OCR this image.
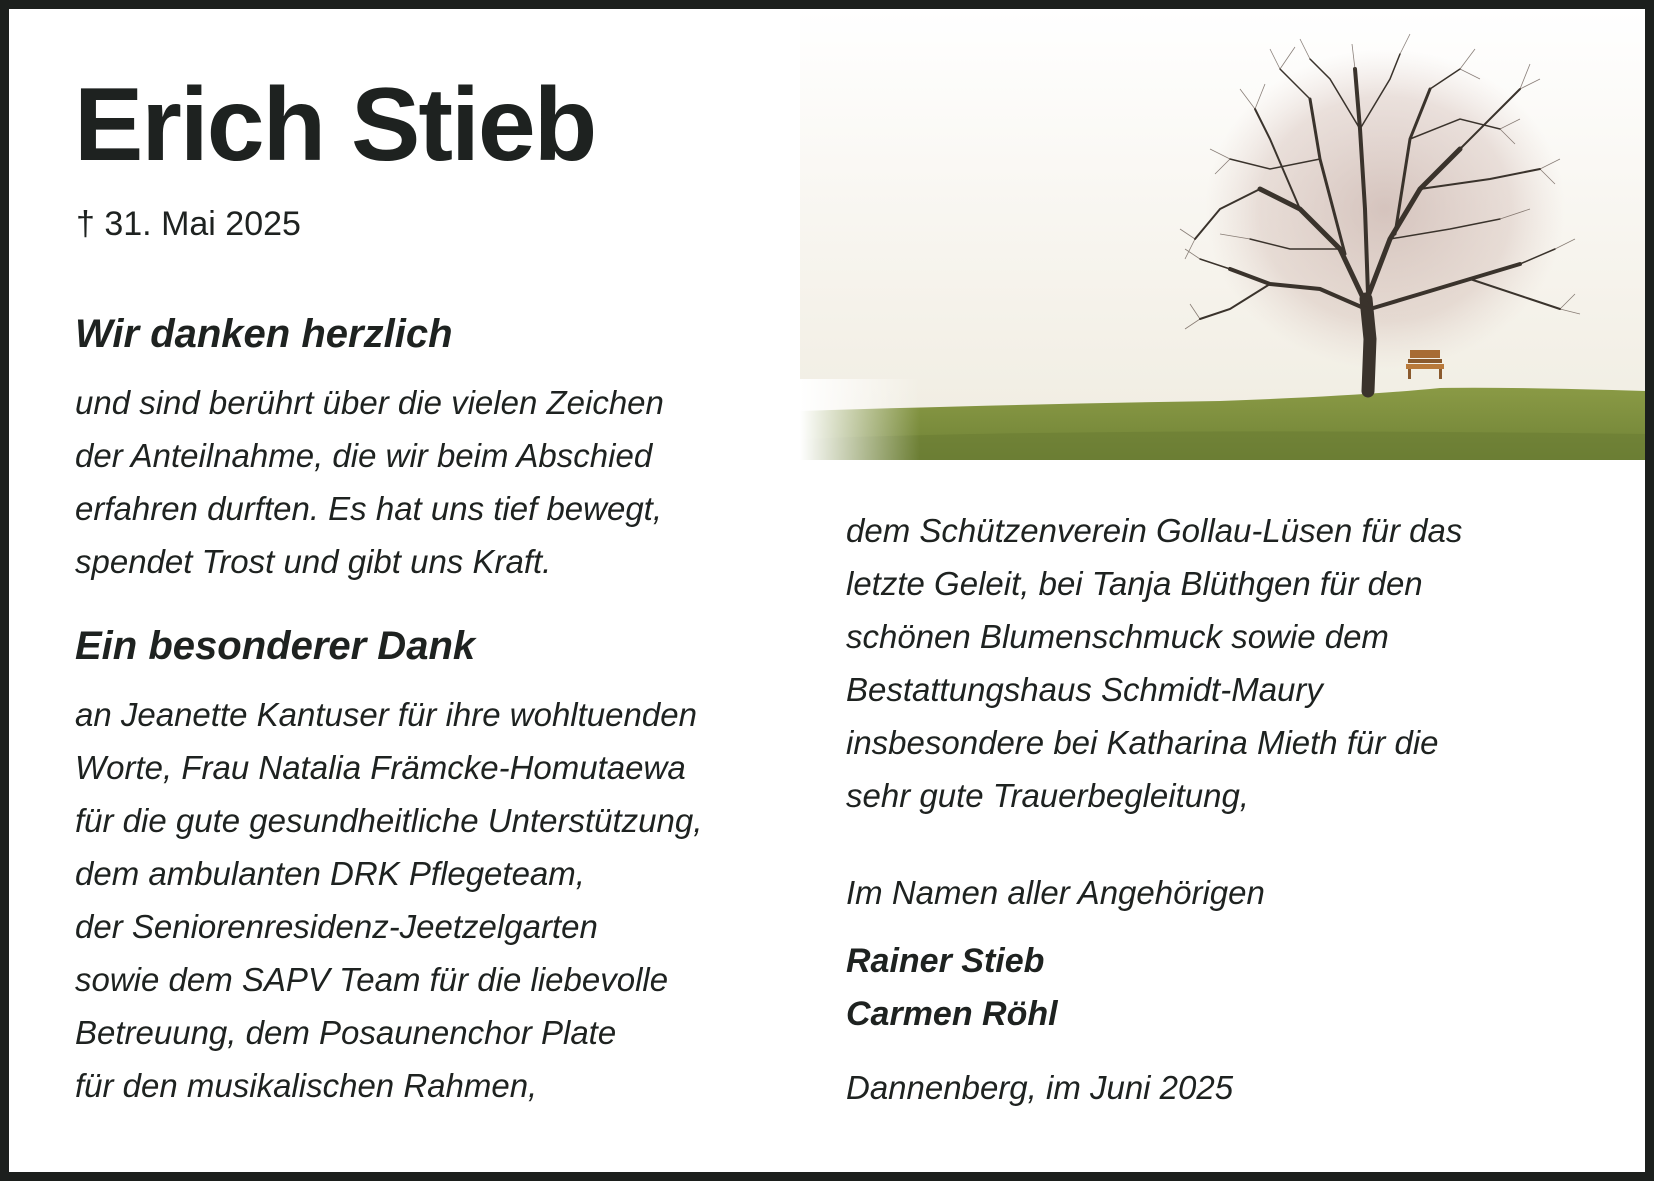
Erich Stieb
† 31. Mai 2025
Wir danken herzlich
und sind berührt über die vielen Zeichen
der Anteilnahme, die wir beim Abschied
erfahren durften. Es hat uns tief bewegt,
spendet Trost und gibt uns Kraft.
Ein besonderer Dank
an Jeanette Kantuser für ihre wohltuenden
Worte, Frau Natalia Främcke-Homutaewa
für die gute gesundheitliche Unterstützung,
dem ambulanten DRK Pflegeteam,
der Seniorenresidenz-Jeetzelgarten
sowie dem SAPV Team für die liebevolle
Betreuung, dem Posaunenchor Plate
für den musikalischen Rahmen,
dem Schützenverein Gollau-Lüsen für das
letzte Geleit, bei Tanja Blüthgen für den
schönen Blumenschmuck sowie dem
Bestattungshaus Schmidt-Maury
insbesondere bei Katharina Mieth für die
sehr gute Trauerbegleitung,
Im Namen aller Angehörigen
Rainer Stieb
Carmen Röhl
Dannenberg, im Juni 2025
